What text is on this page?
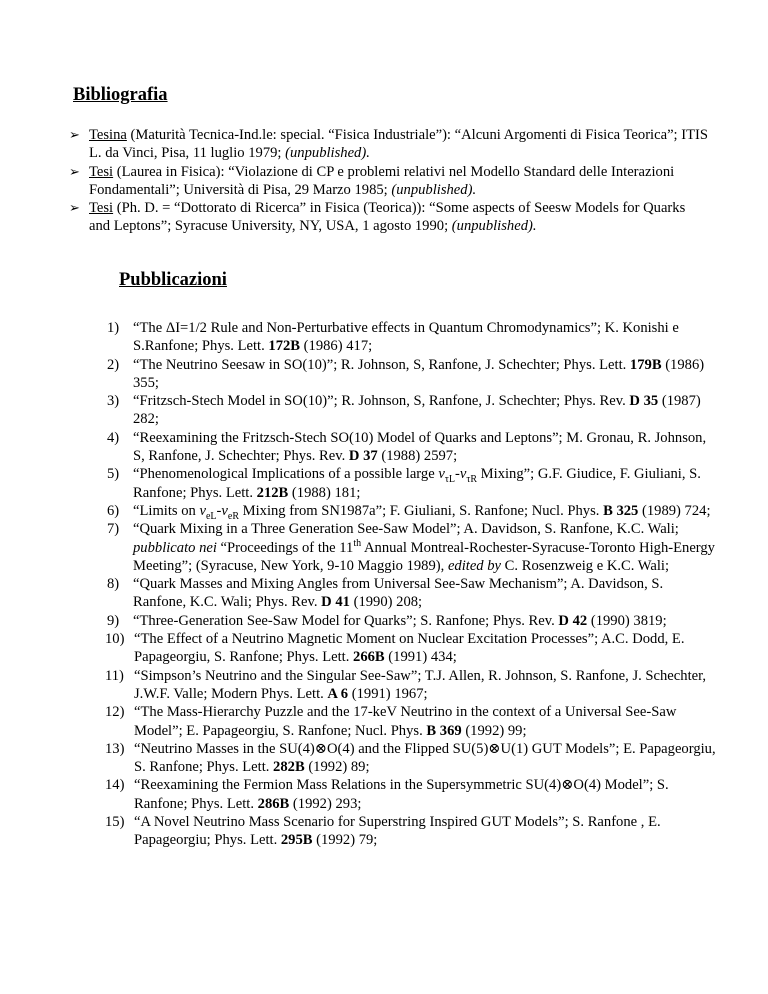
Bibliografia
➢ Tesina (Maturità Tecnica-Ind.le: special. “Fisica Industriale”): “Alcuni Argomenti di Fisica Teorica”; ITIS L. da Vinci, Pisa, 11 luglio 1979; (unpublished).
➢ Tesi (Laurea in Fisica): “Violazione di CP e problemi relativi nel Modello Standard delle Interazioni Fondamentali”; Università di Pisa, 29 Marzo 1985; (unpublished).
➢ Tesi (Ph. D. = “Dottorato di Ricerca” in Fisica (Teorica)): “Some aspects of Seesw Models for Quarks and Leptons”; Syracuse University, NY, USA, 1 agosto 1990; (unpublished).
Pubblicazioni
1) “The ΔI=1/2 Rule and Non-Perturbative effects in Quantum Chromodynamics”; K. Konishi e S.Ranfone; Phys. Lett. 172B (1986) 417;
2) “The Neutrino Seesaw in SO(10)”; R. Johnson, S, Ranfone, J. Schechter; Phys. Lett. 179B (1986) 355;
3) “Fritzsch-Stech Model in SO(10)”; R. Johnson, S, Ranfone, J. Schechter; Phys. Rev. D 35 (1987) 282;
4) “Reexamining the Fritzsch-Stech SO(10) Model of Quarks and Leptons”; M. Gronau, R. Johnson, S, Ranfone, J. Schechter; Phys. Rev. D 37 (1988) 2597;
5) “Phenomenological Implications of a possible large $\nu_{\tau L}-\nu_{\tau R}$ Mixing”; G.F. Giudice, F. Giuliani, S. Ranfone; Phys. Lett. 212B (1988) 181;
6) “Limits on $\nu_{eL}-\nu_{eR}$ Mixing from SN1987a”; F. Giuliani, S. Ranfone; Nucl. Phys. B 325 (1989) 724;
7) “Quark Mixing in a Three Generation See-Saw Model”; A. Davidson, S. Ranfone, K.C. Wali; pubblicato nei “Proceedings of the 11th Annual Montreal-Rochester-Syracuse-Toronto High-Energy Meeting”; (Syracuse, New York, 9-10 Maggio 1989), edited by C. Rosenzweig e K.C. Wali;
8) “Quark Masses and Mixing Angles from Universal See-Saw Mechanism”; A. Davidson, S. Ranfone, K.C. Wali; Phys. Rev. D 41 (1990) 208;
9) “Three-Generation See-Saw Model for Quarks”; S. Ranfone; Phys. Rev. D 42 (1990) 3819;
10) “The Effect of a Neutrino Magnetic Moment on Nuclear Excitation Processes”; A.C. Dodd, E. Papageorgiu, S. Ranfone; Phys. Lett. 266B (1991) 434;
11) “Simpson’s Neutrino and the Singular See-Saw”; T.J. Allen, R. Johnson, S. Ranfone, J. Schechter, J.W.F. Valle; Modern Phys. Lett. A 6 (1991) 1967;
12) “The Mass-Hierarchy Puzzle and the 17-keV Neutrino in the context of a Universal See-Saw Model”; E. Papageorgiu, S. Ranfone; Nucl. Phys. B 369 (1992) 99;
13) “Neutrino Masses in the SU(4)⊗O(4) and the Flipped SU(5)⊗U(1) GUT Models”; E. Papageorgiu, S. Ranfone; Phys. Lett. 282B (1992) 89;
14) “Reexamining the Fermion Mass Relations in the Supersymmetric SU(4)⊗O(4) Model”; S. Ranfone; Phys. Lett. 286B (1992) 293;
15) “A Novel Neutrino Mass Scenario for Superstring Inspired GUT Models”; S. Ranfone , E. Papageorgiu; Phys. Lett. 295B (1992) 79;
